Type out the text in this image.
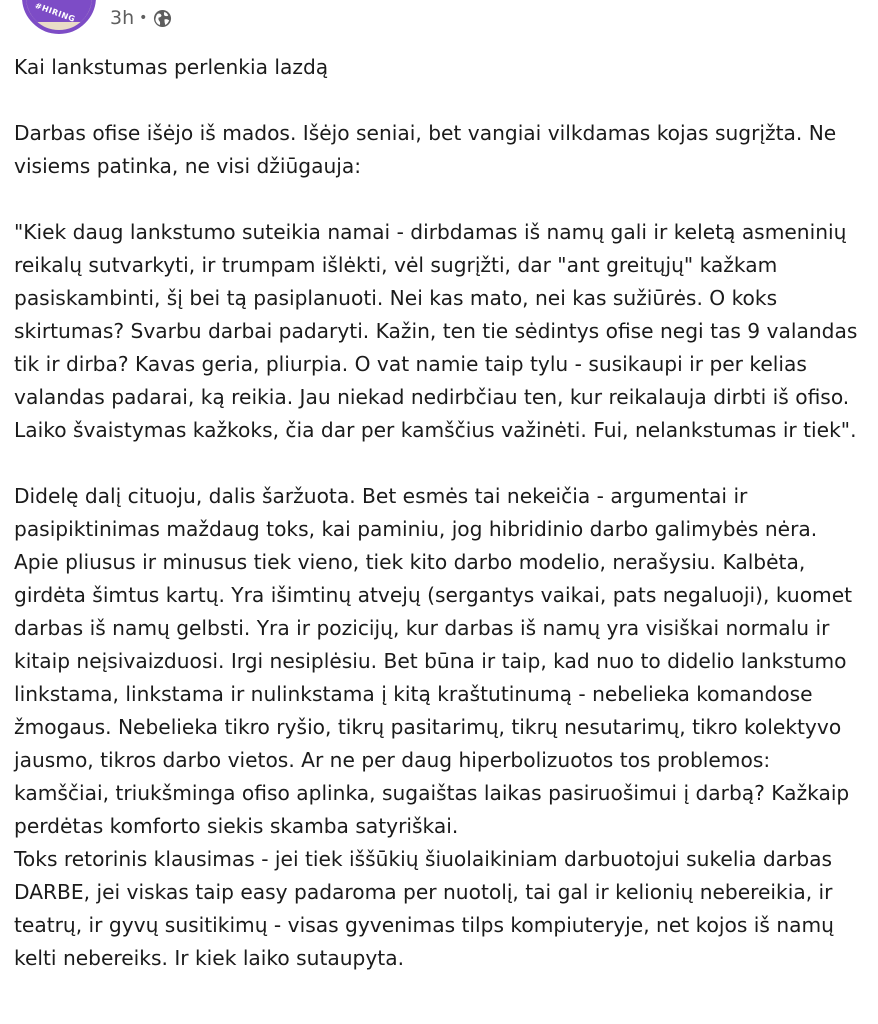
#HIRING 3h •

Kai lankstumas perlenkia lazdą

Darbas ofise išėjo iš mados. Išėjo seniai, bet vangiai vilkdamas kojas sugrįžta. Ne visiems patinka, ne visi džiūgauja:

"Kiek daug lankstumo suteikia namai - dirbdamas iš namų gali ir keletą asmeninių reikalų sutvarkyti, ir trumpam išlėkti, vėl sugrįžti, dar "ant greitųjų" kažkam pasiskambinti, šį bei tą pasiplanuoti. Nei kas mato, nei kas sužiūrės. O koks skirtumas? Svarbu darbai padaryti. Kažin, ten tie sėdintys ofise negi tas 9 valandas tik ir dirba? Kavas geria, pliurpia. O vat namie taip tylu - susikaupi ir per kelias valandas padarai, ką reikia. Jau niekad nedirbčiau ten, kur reikalauja dirbti iš ofiso. Laiko švaistymas kažkoks, čia dar per kamščius važinėti. Fui, nelankstumas ir tiek".

Didelę dalį cituoju, dalis šaržuota. Bet esmės tai nekeičia - argumentai ir pasipiktinimas maždaug toks, kai paminiu, jog hibridinio darbo galimybės nėra. Apie pliusus ir minusus tiek vieno, tiek kito darbo modelio, nerašysiu. Kalbėta, girdėta šimtus kartų. Yra išimtinų atvejų (sergantys vaikai, pats negaluoji), kuomet darbas iš namų gelbsti. Yra ir pozicijų, kur darbas iš namų yra visiškai normalu ir kitaip neįsivaizduosi. Irgi nesiplėsiu. Bet būna ir taip, kad nuo to didelio lankstumo linkstama, linkstama ir nulinkstama į kitą kraštutinumą - nebelieka komandose žmogaus. Nebelieka tikro ryšio, tikrų pasitarimų, tikrų nesutarimų, tikro kolektyvo jausmo, tikros darbo vietos. Ar ne per daug hiperbolizuotos tos problemos: kamščiai, triukšminga ofiso aplinka, sugaištas laikas pasiruošimui į darbą? Kažkaip perdėtas komforto siekis skamba satyriškai.

Toks retorinis klausimas - jei tiek iššūkių šiuolaikiniam darbuotojui sukelia darbas DARBE, jei viskas taip easy padaroma per nuotolį, tai gal ir kelionių nebereikia, ir teatrų, ir gyvų susitikimų - visas gyvenimas tilps kompiuteryje, net kojos iš namų kelti nebereiks. Ir kiek laiko sutaupyta.
